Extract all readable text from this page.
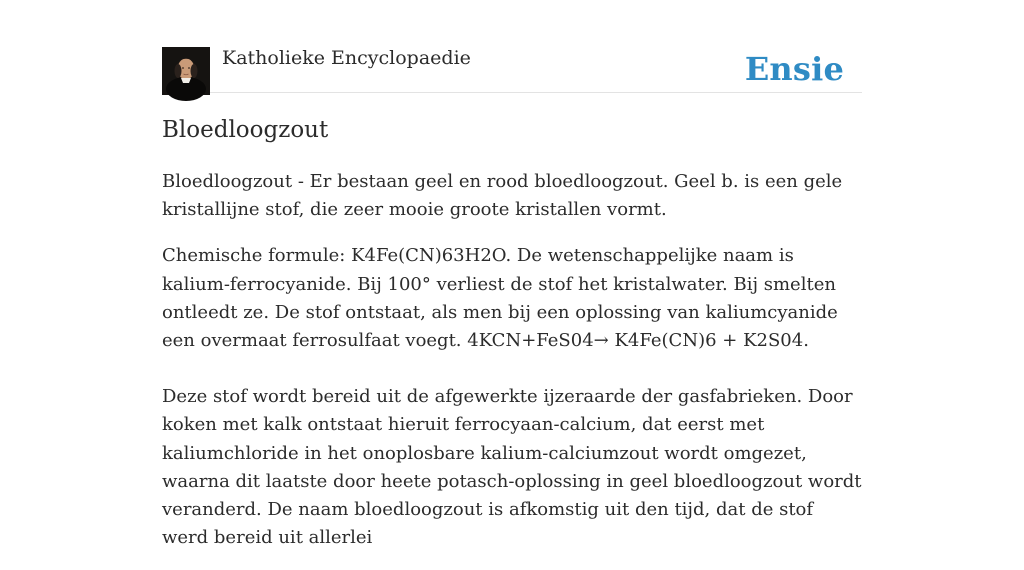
Katholieke Encyclopaedie	Ensie
Bloedloogzout

Bloedloogzout - Er bestaan geel en rood bloedloogzout. Geel b. is een gele kristallijne stof, die zeer mooie groote kristallen vormt.

Chemische formule: K4Fe(CN)63H2O. De wetenschappelijke naam is kalium-ferrocyanide. Bij 100° verliest de stof het kristalwater. Bij smelten ontleedt ze. De stof ontstaat, als men bij een oplossing van kaliumcyanide een overmaat ferrosulfaat voegt. 4KCN+FeS04→ K4Fe(CN)6 + K2S04.

Deze stof wordt bereid uit de afgewerkte ijzeraarde der gasfabrieken. Door koken met kalk ontstaat hieruit ferrocyaan-calcium, dat eerst met kaliumchloride in het onoplosbare kalium-calciumzout wordt omgezet, waarna dit laatste door heete potasch-oplossing in geel bloedloogzout wordt veranderd. De naam bloedloogzout is afkomstig uit den tijd, dat de stof werd bereid uit allerlei
